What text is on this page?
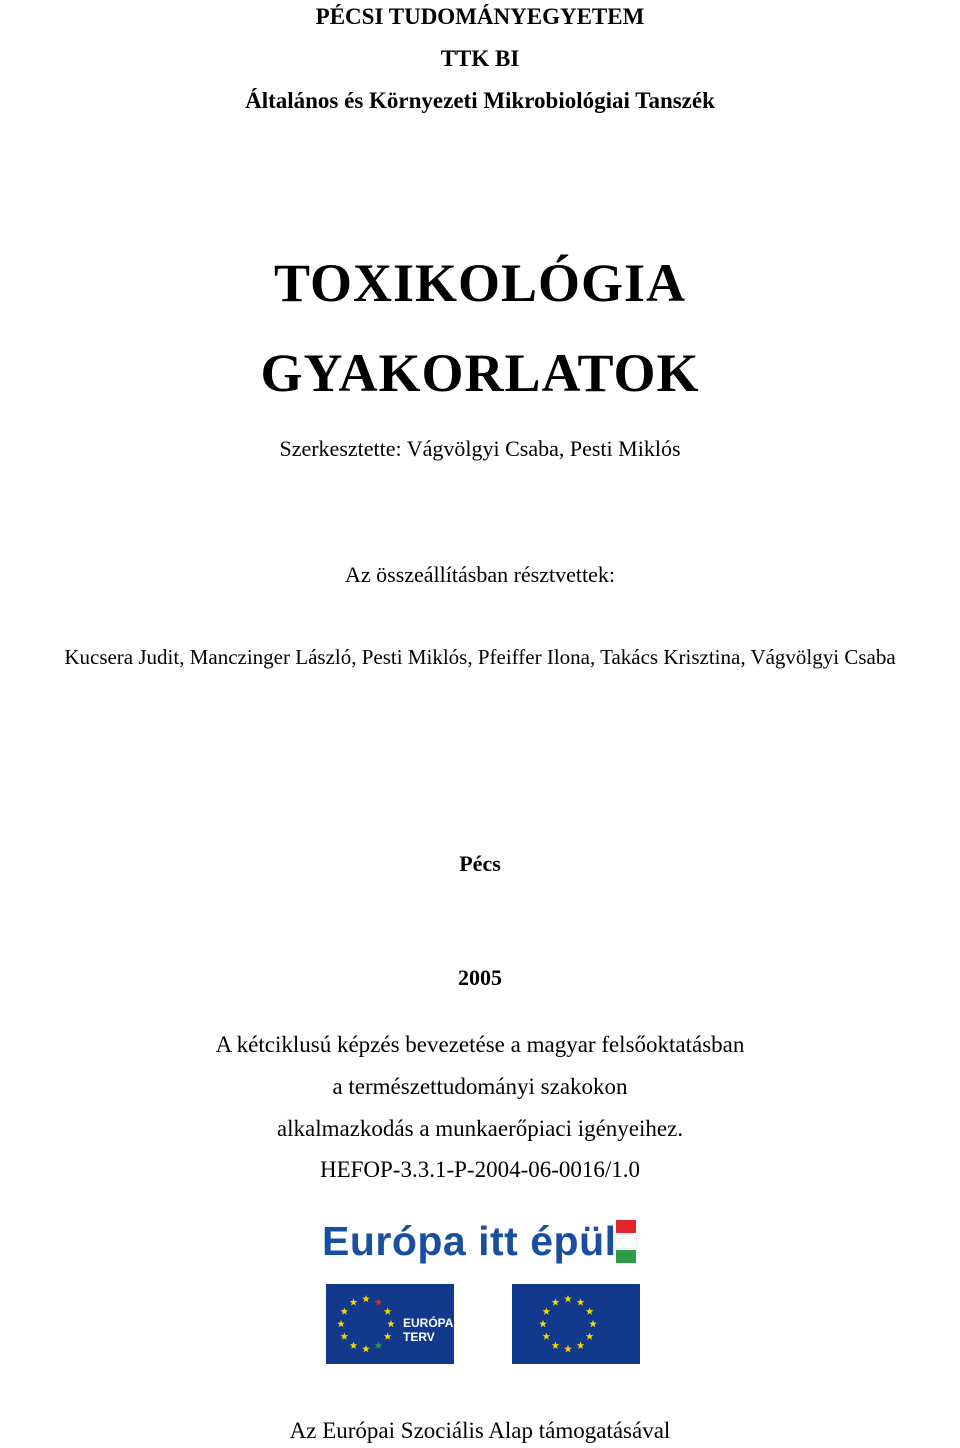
PÉCSI TUDOMÁNYEGYETEM
TTK BI
Általános és Környezeti Mikrobiológiai Tanszék
TOXIKOLÓGIA
GYAKORLATOK
Szerkesztette: Vágvölgyi Csaba, Pesti Miklós
Az összeállításban résztvettek:
Kucsera Judit, Manczinger László, Pesti Miklós, Pfeiffer Ilona, Takács Krisztina, Vágvölgyi Csaba
Pécs
2005
A kétciklusú képzés bevezetése a magyar felsőoktatásban
a természettudományi szakokon
alkalmazkodás a munkaerőpiaci igényeihez.
HEFOP-3.3.1-P-2004-06-0016/1.0
Európa itt épül
EURÓPA TERV
Az Európai Szociális Alap támogatásával
